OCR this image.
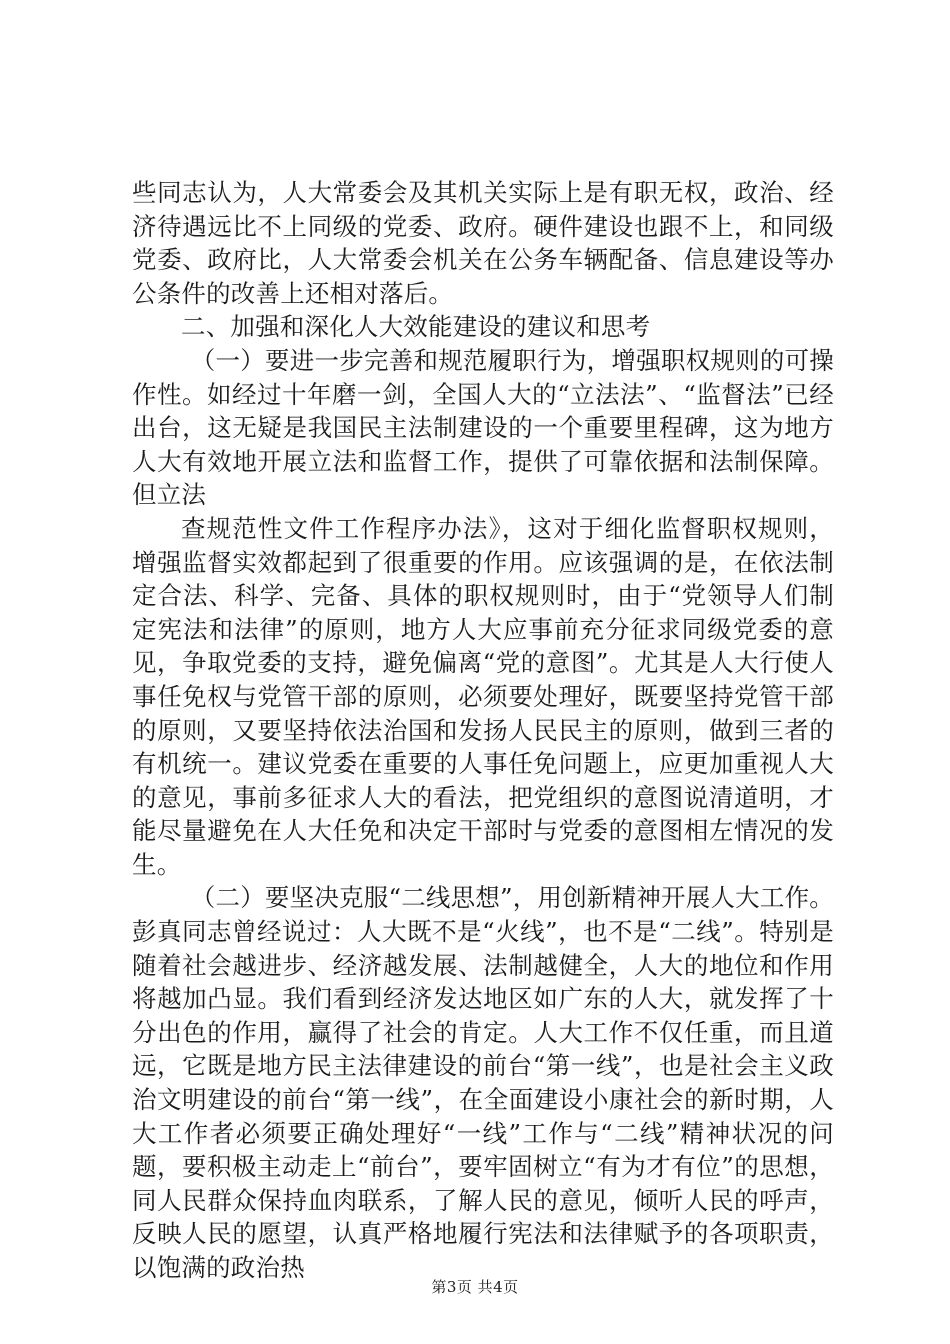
些同志认为，人大常委会及其机关实际上是有职无权，政治、经济待遇远比不上同级的党委、政府。硬件建设也跟不上，和同级党委、政府比，人大常委会机关在公务车辆配备、信息建设等办公条件的改善上还相对落后。

二、加强和深化人大效能建设的建议和思考

（一）要进一步完善和规范履职行为，增强职权规则的可操作性。如经过十年磨一剑，全国人大的“立法法”、“监督法”已经出台，这无疑是我国民主法制建设的一个重要里程碑，这为地方人大有效地开展立法和监督工作，提供了可靠依据和法制保障。但立法

查规范性文件工作程序办法》，这对于细化监督职权规则，增强监督实效都起到了很重要的作用。应该强调的是，在依法制定合法、科学、完备、具体的职权规则时，由于“党领导人们制定宪法和法律”的原则，地方人大应事前充分征求同级党委的意见，争取党委的支持，避免偏离“党的意图”。尤其是人大行使人事任免权与党管干部的原则，必须要处理好，既要坚持党管干部的原则，又要坚持依法治国和发扬人民民主的原则，做到三者的有机统一。建议党委在重要的人事任免问题上，应更加重视人大的意见，事前多征求人大的看法，把党组织的意图说清道明，才能尽量避免在人大任免和决定干部时与党委的意图相左情况的发生。

（二）要坚决克服“二线思想”，用创新精神开展人大工作。彭真同志曾经说过：人大既不是“火线”，也不是“二线”。特别是随着社会越进步、经济越发展、法制越健全，人大的地位和作用将越加凸显。我们看到经济发达地区如广东的人大，就发挥了十分出色的作用，赢得了社会的肯定。人大工作不仅任重，而且道远，它既是地方民主法律建设的前台“第一线”，也是社会主义政治文明建设的前台“第一线”，在全面建设小康社会的新时期，人大工作者必须要正确处理好“一线”工作与“二线”精神状况的问题，要积极主动走上“前台”，要牢固树立“有为才有位”的思想，同人民群众保持血肉联系，了解人民的意见，倾听人民的呼声，反映人民的愿望，认真严格地履行宪法和法律赋予的各项职责，以饱满的政治热

第3页 共4页
